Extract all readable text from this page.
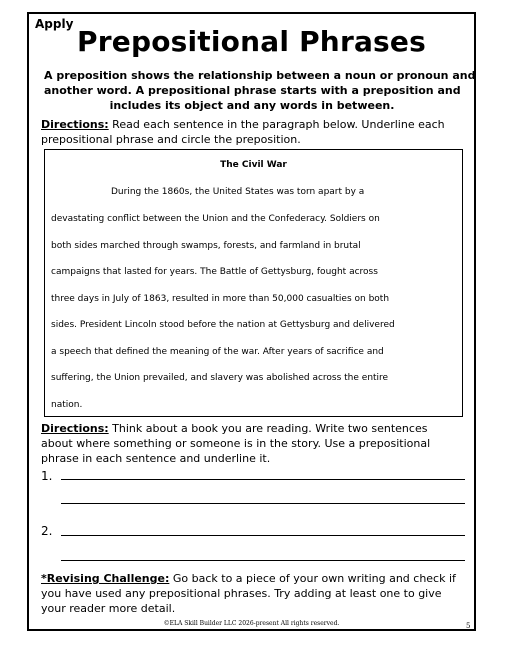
Apply
Prepositional Phrases
A preposition shows the relationship between a noun or pronoun and
another word. A prepositional phrase starts with a preposition and
includes its object and any words in between.
Directions: Read each sentence in the paragraph below. Underline each
prepositional phrase and circle the preposition.
The Civil War
During the 1860s, the United States was torn apart by a
devastating conflict between the Union and the Confederacy. Soldiers on
both sides marched through swamps, forests, and farmland in brutal
campaigns that lasted for years. The Battle of Gettysburg, fought across
three days in July of 1863, resulted in more than 50,000 casualties on both
sides. President Lincoln stood before the nation at Gettysburg and delivered
a speech that defined the meaning of the war. After years of sacrifice and
suffering, the Union prevailed, and slavery was abolished across the entire
nation.
Directions: Think about a book you are reading. Write two sentences
about where something or someone is in the story. Use a prepositional
phrase in each sentence and underline it.
1.
2.
*Revising Challenge: Go back to a piece of your own writing and check if
you have used any prepositional phrases. Try adding at least one to give
your reader more detail.
©ELA Skill Builder LLC 2026-present All rights reserved.	5
